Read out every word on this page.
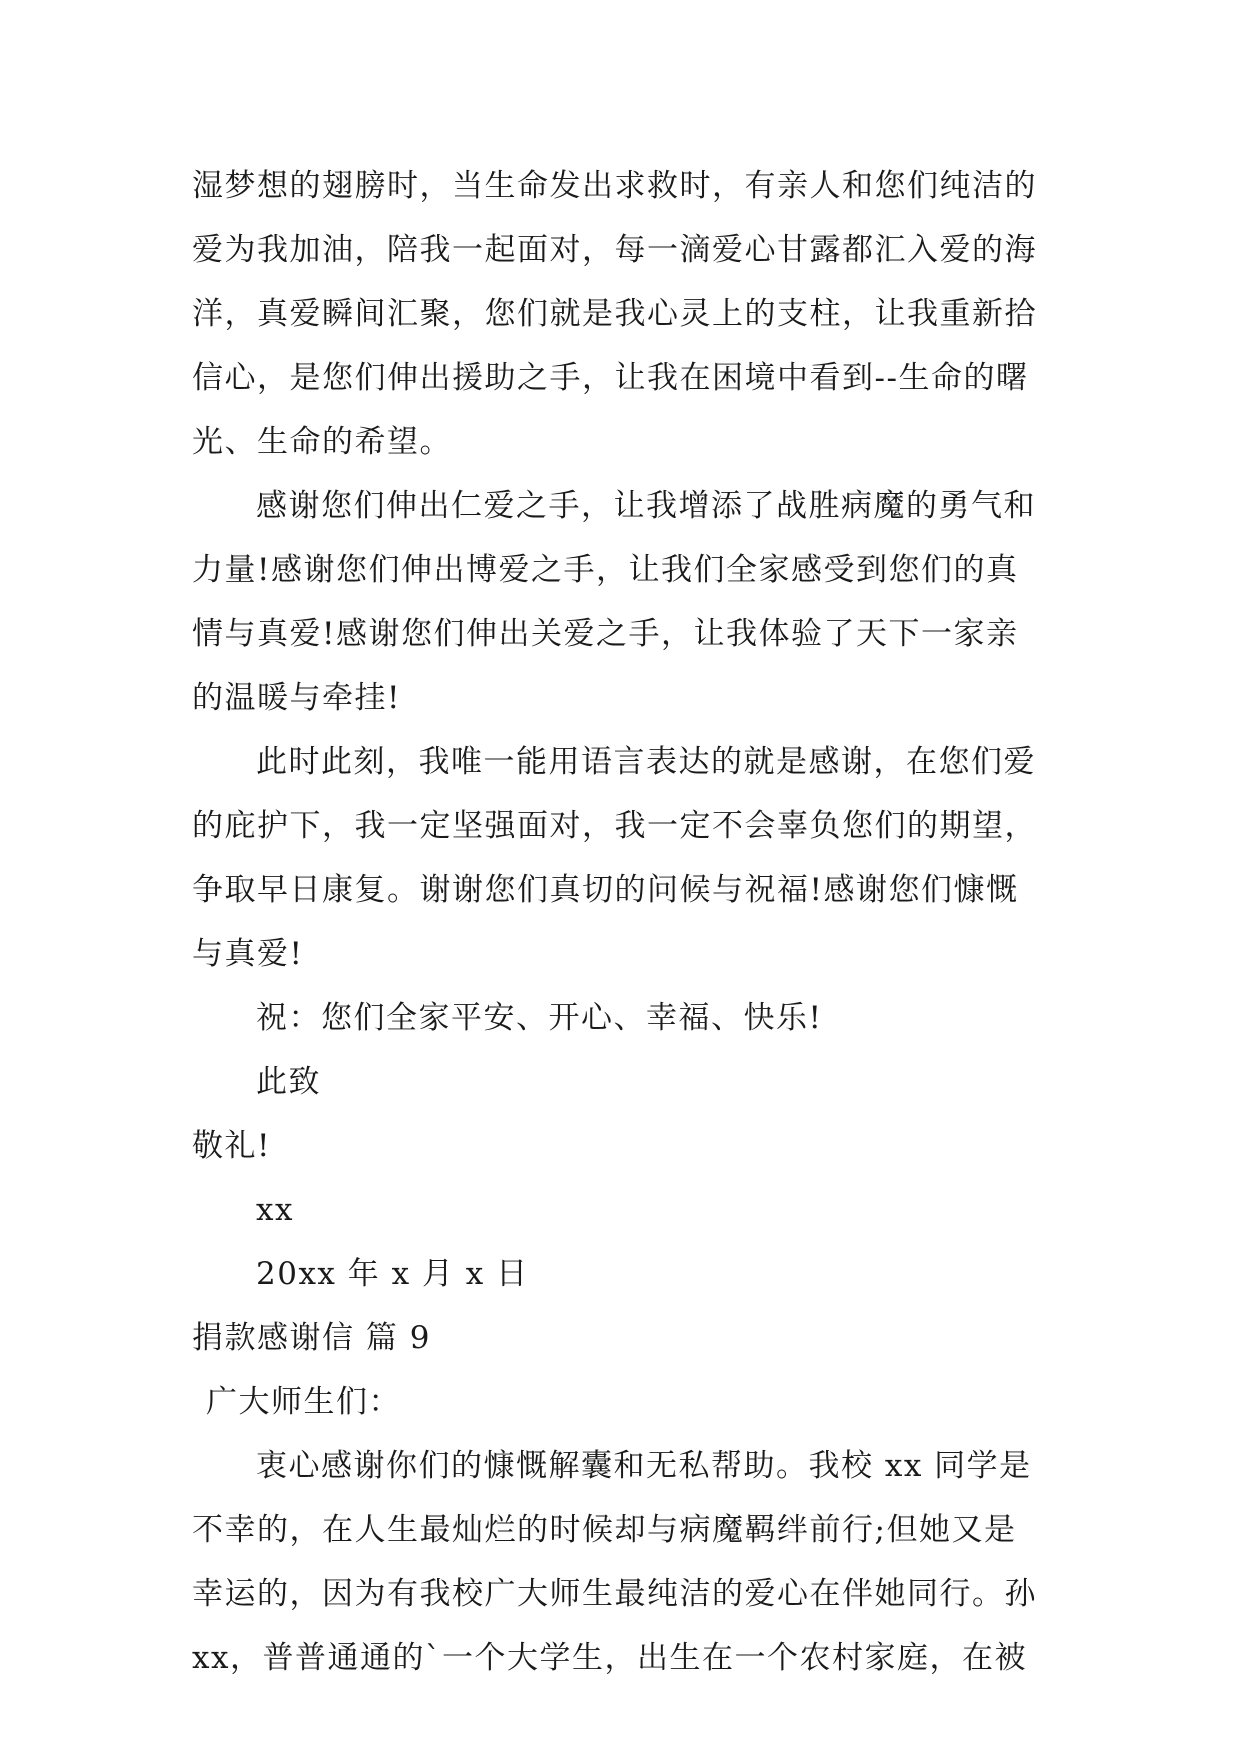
湿梦想的翅膀时，当生命发出求救时，有亲人和您们纯洁的
爱为我加油，陪我一起面对，每一滴爱心甘露都汇入爱的海
洋，真爱瞬间汇聚，您们就是我心灵上的支柱，让我重新拾
信心，是您们伸出援助之手，让我在困境中看到--生命的曙
光、生命的希望。
感谢您们伸出仁爱之手，让我增添了战胜病魔的勇气和
力量!感谢您们伸出博爱之手，让我们全家感受到您们的真
情与真爱!感谢您们伸出关爱之手，让我体验了天下一家亲
的温暖与牵挂!
此时此刻，我唯一能用语言表达的就是感谢，在您们爱
的庇护下，我一定坚强面对，我一定不会辜负您们的期望，
争取早日康复。谢谢您们真切的问候与祝福!感谢您们慷慨
与真爱!
祝：您们全家平安、开心、幸福、快乐!
此致
敬礼!
xx
20xx 年 x 月 x 日
捐款感谢信 篇 9
广大师生们：
衷心感谢你们的慷慨解囊和无私帮助。我校 xx 同学是
不幸的，在人生最灿烂的时候却与病魔羁绊前行;但她又是
幸运的，因为有我校广大师生最纯洁的爱心在伴她同行。孙
xx，普普通通的`一个大学生，出生在一个农村家庭，在被
